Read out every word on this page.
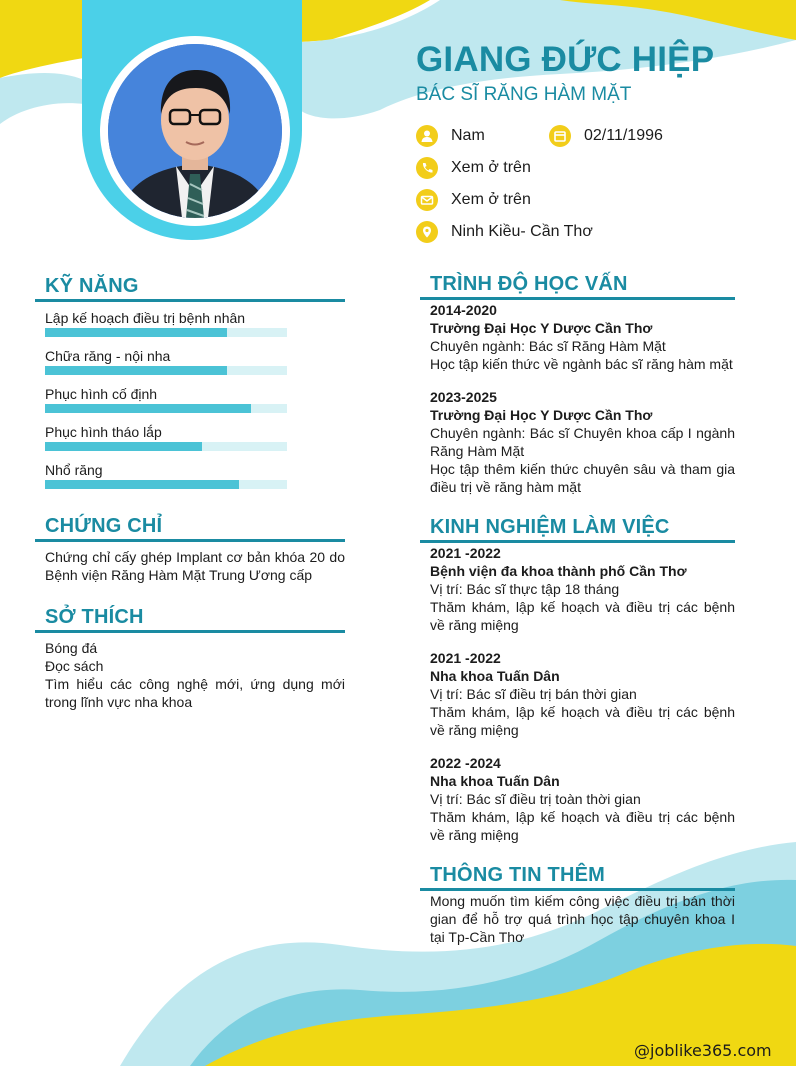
GIANG ĐỨC HIỆP
BÁC SĨ RĂNG HÀM MẶT
Nam	02/11/1996
Xem ở trên
Xem ở trên
Ninh Kiều- Cần Thơ
KỸ NĂNG
Lập kế hoạch điều trị bệnh nhân
Chữa răng - nội nha
Phục hình cố định
Phục hình tháo lắp
Nhổ răng
CHỨNG CHỈ
Chứng chỉ cấy ghép Implant cơ bản khóa 20 do Bệnh viện Răng Hàm Mặt Trung Ương cấp
SỞ THÍCH
Bóng đá
Đọc sách
Tìm hiểu các công nghệ mới, ứng dụng mới trong lĩnh vực nha khoa
TRÌNH ĐỘ HỌC VẤN
2014-2020
Trường Đại Học Y Dược Cần Thơ
Chuyên ngành: Bác sĩ Răng Hàm Mặt
Học tập kiến thức về ngành bác sĩ răng hàm mặt
2023-2025
Trường Đại Học Y Dược Cần Thơ
Chuyên ngành: Bác sĩ Chuyên khoa cấp I ngành Răng Hàm Mặt
Học tập thêm kiến thức chuyên sâu và tham gia điều trị về răng hàm mặt
KINH NGHIỆM LÀM VIỆC
2021 -2022
Bệnh viện đa khoa thành phố Cần Thơ
Vị trí: Bác sĩ thực tập 18 tháng
Thăm khám, lập kế hoạch và điều trị các bệnh về răng miệng
2021 -2022
Nha khoa Tuấn Dân
Vị trí: Bác sĩ điều trị bán thời gian
Thăm khám, lập kế hoạch và điều trị các bệnh về răng miệng
2022 -2024
Nha khoa Tuấn Dân
Vị trí: Bác sĩ điều trị toàn thời gian
Thăm khám, lập kế hoạch và điều trị các bệnh về răng miệng
THÔNG TIN THÊM
Mong muốn tìm kiếm công việc điều trị bán thời gian để hỗ trợ quá trình học tập chuyên khoa I tại Tp-Cần Thơ
@joblike365.com
